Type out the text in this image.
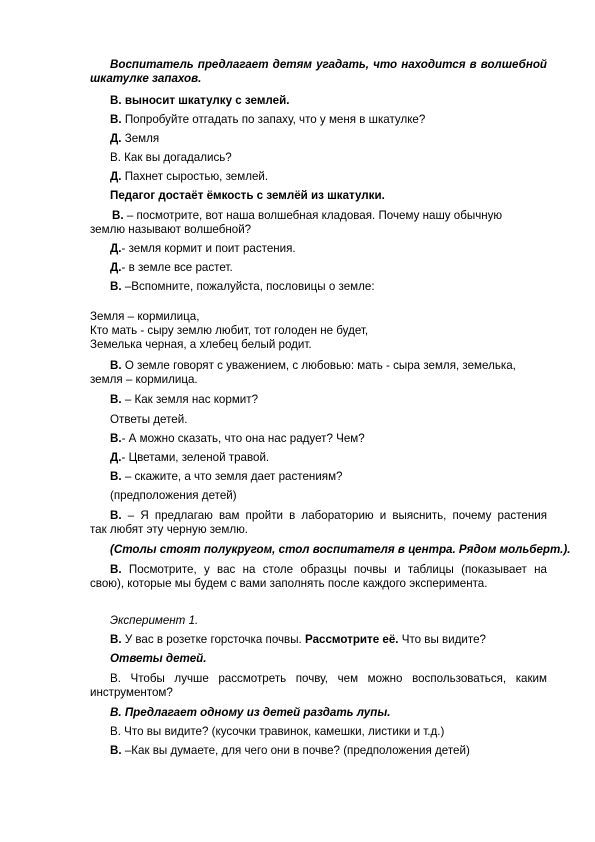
Воспитатель предлагает детям угадать, что находится в волшебной
шкатулке запахов.
В. выносит шкатулку с землей.
В. Попробуйте отгадать по запаху, что у меня в шкатулке?
Д. Земля
В. Как вы догадались?
Д. Пахнет сыростью, землей.
Педагог достаёт ёмкость с землёй из шкатулки.
В. – посмотрите, вот наша волшебная кладовая. Почему нашу обычную
землю называют волшебной?
Д.- земля кормит и поит растения.
Д.- в земле все растет.
В. –Вспомните, пожалуйста, пословицы о земле:
Земля – кормилица,
Кто мать - сыру землю любит, тот голоден не будет,
Земелька черная, а хлебец белый родит.
В. О земле говорят с уважением, с любовью: мать - сыра земля, земелька,
земля – кормилица.
В. – Как земля нас кормит?
Ответы детей.
В.- А можно сказать, что она нас радует? Чем?
Д.- Цветами, зеленой травой.
В. – скажите, а что земля дает растениям?
(предположения детей)
В. – Я предлагаю вам пройти в лабораторию и выяснить, почему растения
так любят эту черную землю.
(Столы стоят полукругом, стол воспитателя в центра. Рядом мольберт.).
В. Посмотрите, у вас на столе образцы почвы и таблицы (показывает на
свою), которые мы будем с вами заполнять после каждого эксперимента.
Эксперимент 1.
В. У вас в розетке горсточка почвы. Рассмотрите её. Что вы видите?
Ответы детей.
В. Чтобы лучше рассмотреть почву, чем можно воспользоваться, каким
инструментом?
В. Предлагает одному из детей раздать лупы.
В. Что вы видите? (кусочки травинок, камешки, листики и т.д.)
В. –Как вы думаете, для чего они в почве? (предположения детей)
